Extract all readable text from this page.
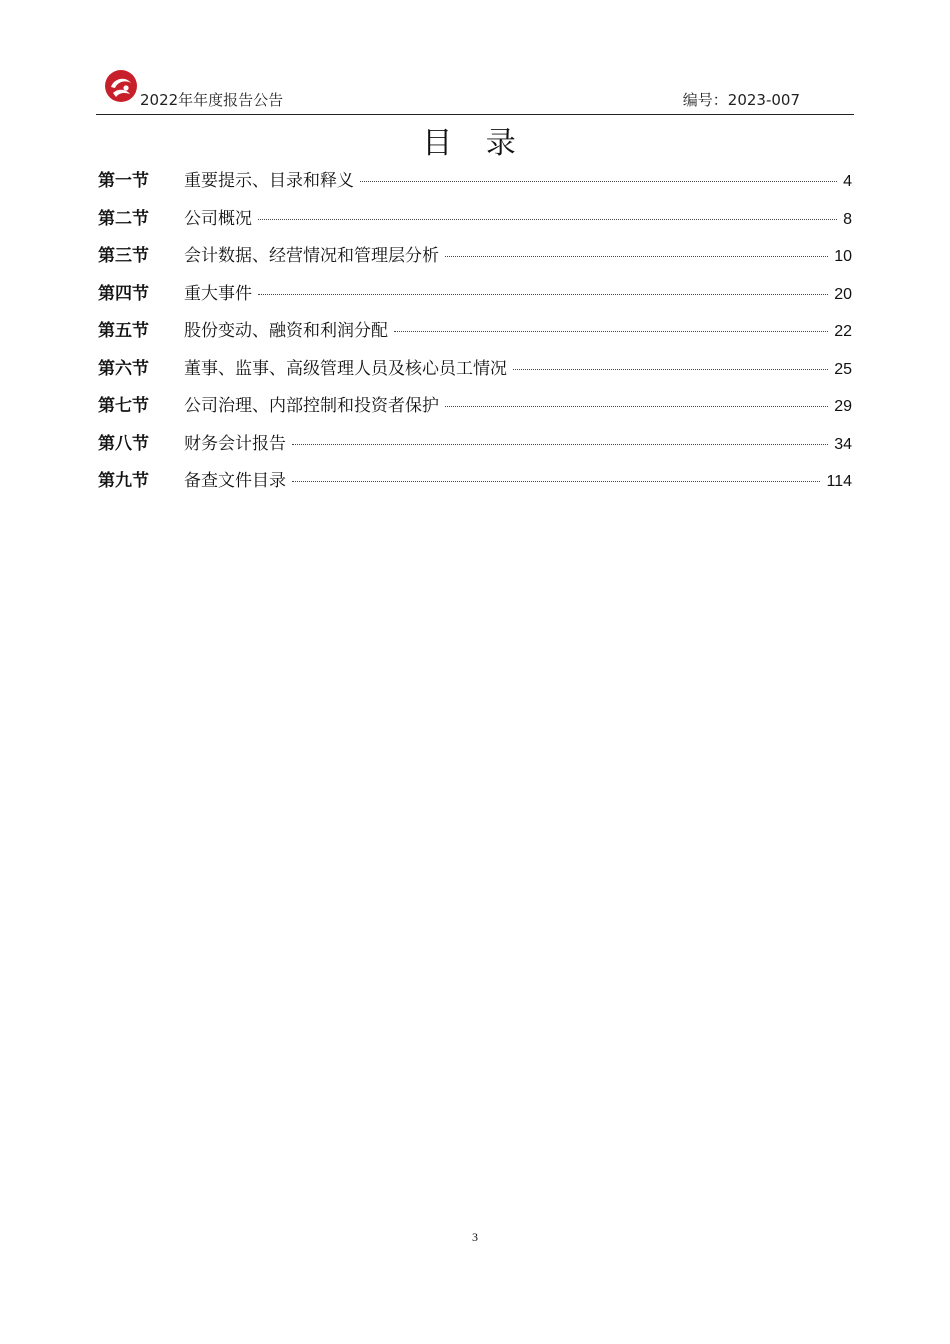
2022年年度报告公告	编号：2023-007
目 录
第一节	重要提示、目录和释义	4
第二节	公司概况	8
第三节	会计数据、经营情况和管理层分析	10
第四节	重大事件	20
第五节	股份变动、融资和利润分配	22
第六节	董事、监事、高级管理人员及核心员工情况	25
第七节	公司治理、内部控制和投资者保护	29
第八节	财务会计报告	34
第九节	备查文件目录	114
3
